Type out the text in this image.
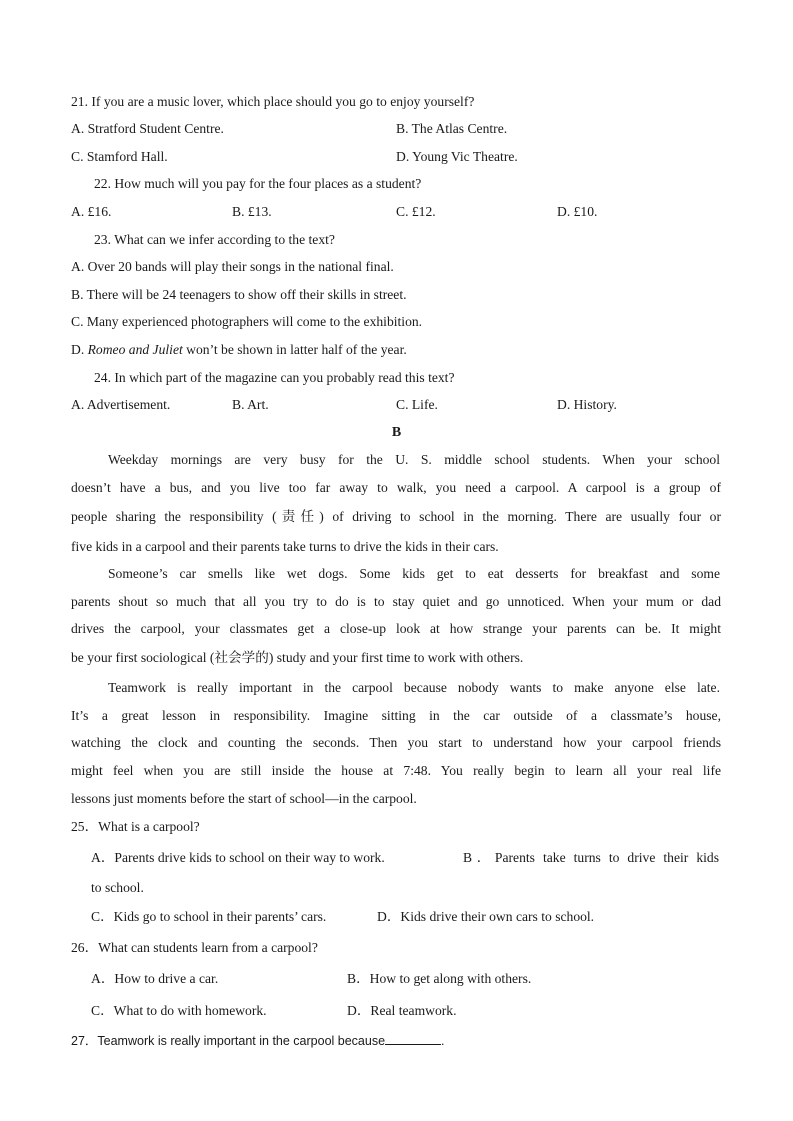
21. If you are a music lover, which place should you go to enjoy yourself?
A. Stratford Student Centre.	B. The Atlas Centre.
C. Stamford Hall.	D. Young Vic Theatre.
22. How much will you pay for the four places as a student?
A. £16.	B. £13.	C. £12.	D. £10.
23. What can we infer according to the text?
A. Over 20 bands will play their songs in the national final.
B. There will be 24 teenagers to show off their skills in street.
C. Many experienced photographers will come to the exhibition.
D. Romeo and Juliet won’t be shown in latter half of the year.
24. In which part of the magazine can you probably read this text?
A. Advertisement.	B. Art.	C. Life.	D. History.
B
Weekday mornings are very busy for the U. S. middle school students. When your school
doesn’t have a bus, and you live too far away to walk, you need a carpool. A carpool is a group of
people sharing the responsibility (责任) of driving to school in the morning. There are usually four or
five kids in a carpool and their parents take turns to drive the kids in their cars.
Someone’s car smells like wet dogs. Some kids get to eat desserts for breakfast and some
parents shout so much that all you try to do is to stay quiet and go unnoticed. When your mum or dad
drives the carpool, your classmates get a close-up look at how strange your parents can be. It might
be your first sociological (社会学的) study and your first time to work with others.
Teamwork is really important in the carpool because nobody wants to make anyone else late.
It’s a great lesson in responsibility. Imagine sitting in the car outside of a classmate’s house,
watching the clock and counting the seconds. Then you start to understand how your carpool friends
might feel when you are still inside the house at 7:48. You really begin to learn all your real life
lessons just moments before the start of school—in the carpool.
25．What is a carpool?
A．Parents drive kids to school on their way to work.	B．Parents take turns to drive their kids
to school.
C．Kids go to school in their parents’ cars.	D．Kids drive their own cars to school.
26．What can students learn from a carpool?
A．How to drive a car.	B．How to get along with others.
C．What to do with homework.	D．Real teamwork.
27．Teamwork is really important in the carpool because	.
